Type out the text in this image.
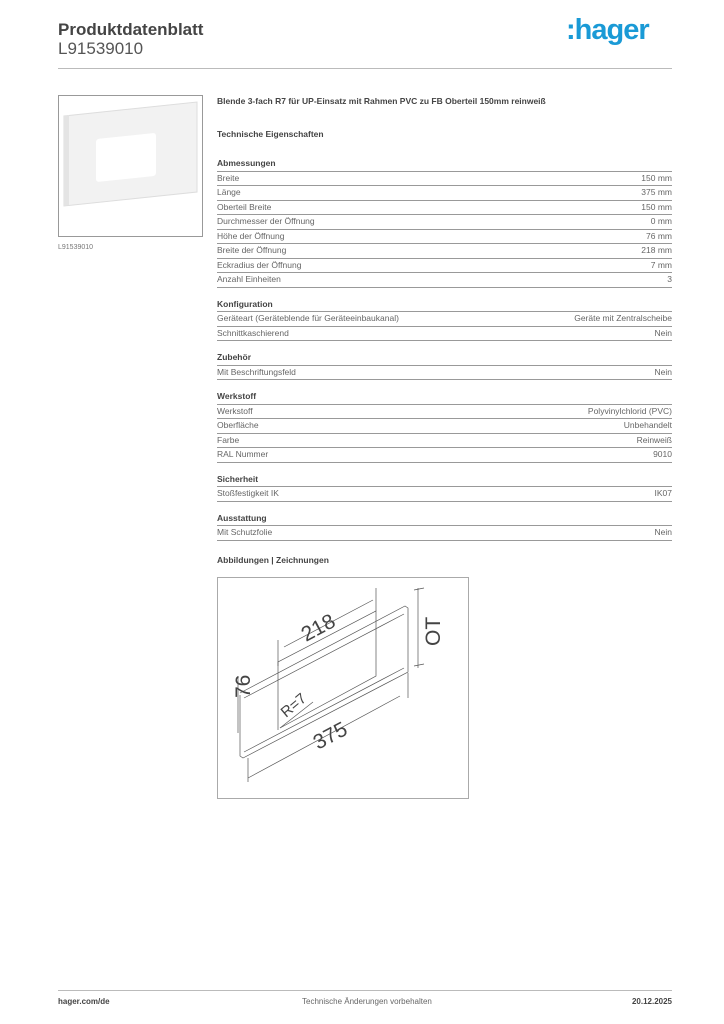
Produktdatenblatt
L91539010
:hager
L91539010
Blende 3-fach R7 für UP-Einsatz mit Rahmen PVC zu FB Oberteil 150mm reinweiß
Technische Eigenschaften
Abmessungen
Breite	150 mm
Länge	375 mm
Oberteil Breite	150 mm
Durchmesser der Öffnung	0 mm
Höhe der Öffnung	76 mm
Breite der Öffnung	218 mm
Eckradius der Öffnung	7 mm
Anzahl Einheiten	3
Konfiguration
Geräteart (Geräteblende für Geräteeinbaukanal)	Geräte mit Zentralscheibe
Schnittkaschierend	Nein
Zubehör
Mit Beschriftungsfeld	Nein
Werkstoff
Werkstoff	Polyvinylchlorid (PVC)
Oberfläche	Unbehandelt
Farbe	Reinweiß
RAL Nummer	9010
Sicherheit
Stoßfestigkeit IK	IK07
Ausstattung
Mit Schutzfolie	Nein
Abbildungen | Zeichnungen
218
76
375
OT
R=7
hager.com/de	Technische Änderungen vorbehalten	20.12.2025
